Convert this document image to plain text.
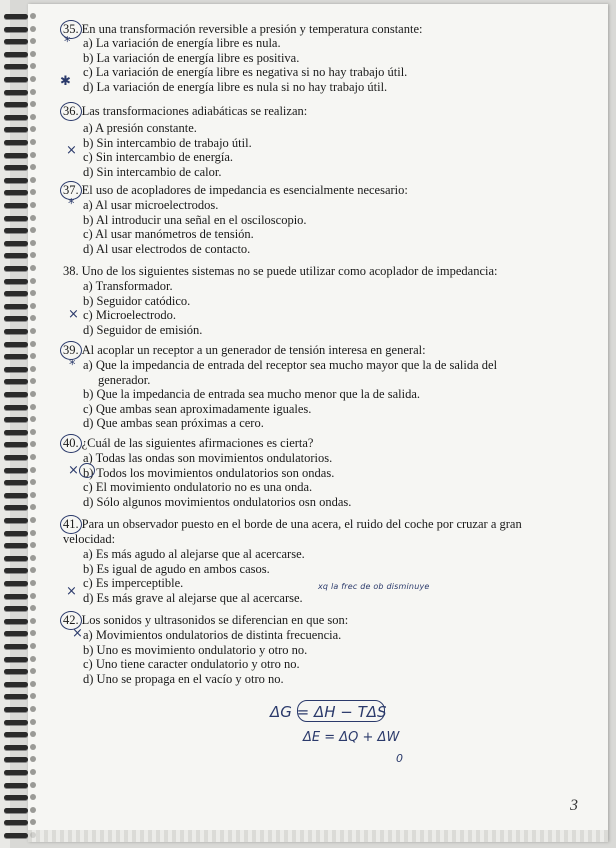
35. En una transformación reversible a presión y temperatura constante:
a) La variación de energía libre es nula.
b) La variación de energía libre es positiva.
c) La variación de energía libre es negativa si no hay trabajo útil.
d) La variación de energía libre es nula si no hay trabajo útil.
36. Las transformaciones adiabáticas se realizan:
a) A presión constante.
b) Sin intercambio de trabajo útil.
c) Sin intercambio de energía.
d) Sin intercambio de calor.
37. El uso de acopladores de impedancia es esencialmente necesario:
a) Al usar microelectrodos.
b) Al introducir una señal en el osciloscopio.
c) Al usar manómetros de tensión.
d) Al usar electrodos de contacto.
38. Uno de los siguientes sistemas no se puede utilizar como acoplador de impedancia:
a) Transformador.
b) Seguidor catódico.
c) Microelectrodo.
d) Seguidor de emisión.
39. Al acoplar un receptor a un generador de tensión interesa en general:
a) Que la impedancia de entrada del receptor sea mucho mayor que la de salida del
generador.
b) Que la impedancia de entrada sea mucho menor que la de salida.
c) Que ambas sean aproximadamente iguales.
d) Que ambas sean próximas a cero.
40. ¿Cuál de las siguientes afirmaciones es cierta?
a) Todas las ondas son movimientos ondulatorios.
b) Todos los movimientos ondulatorios son ondas.
c) El movimiento ondulatorio no es una onda.
d) Sólo algunos movimientos ondulatorios osn ondas.
41. Para un observador puesto en el borde de una acera, el ruido del coche por cruzar a gran
velocidad:
a) Es más agudo al alejarse que al acercarse.
b) Es igual de agudo en ambos casos.
c) Es imperceptible.
d) Es más grave al alejarse que al acercarse.
42. Los sonidos y ultrasonidos se diferencian en que son:
a) Movimientos ondulatorios de distinta frecuencia.
b) Uno es movimiento ondulatorio y otro no.
c) Uno tiene caracter ondulatorio y otro no.
d) Uno se propaga en el vacío y otro no.
*
✱
×
*
×
*
×
×
×
xq la frec de ob disminuye
ΔG = ΔH − TΔS
ΔE = ΔQ + ΔW
0
3
